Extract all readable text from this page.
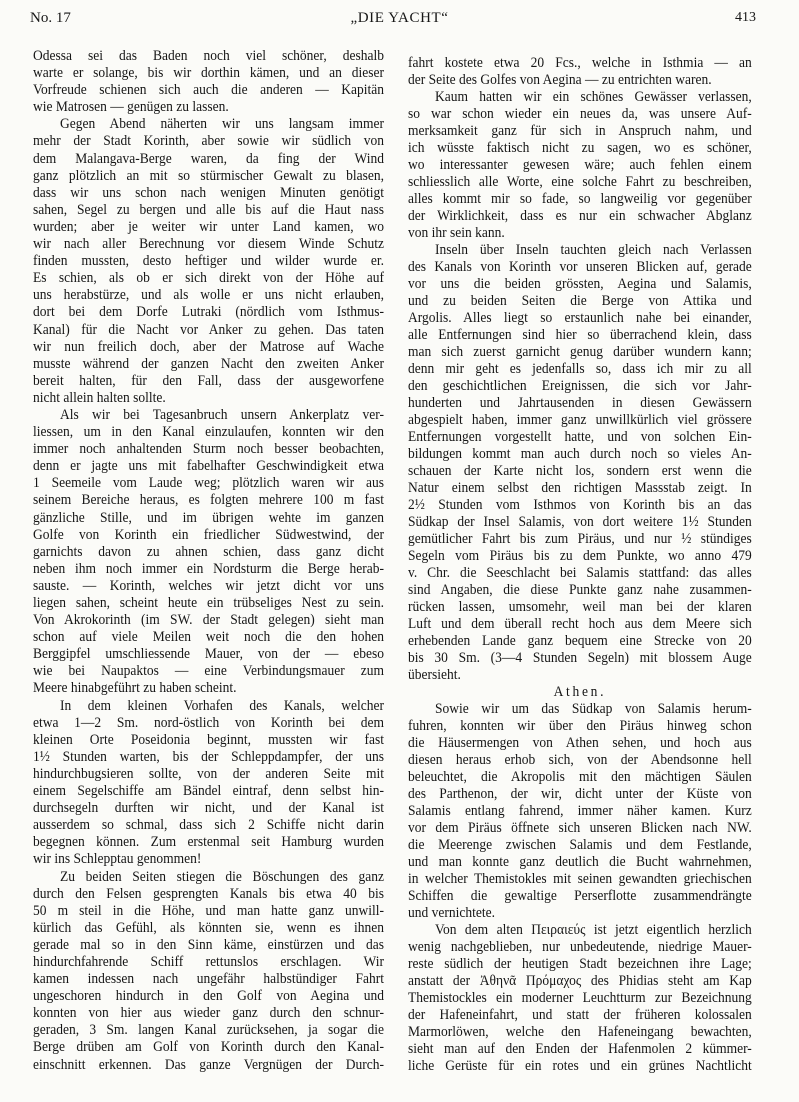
No. 17	„DIE YACHT“	413
Odessa sei das Baden noch viel schöner, deshalb
warte er solange, bis wir dorthin kämen, und an dieser
Vorfreude schienen sich auch die anderen — Kapitän
wie Matrosen — genügen zu lassen.
Gegen Abend näherten wir uns langsam immer
mehr der Stadt Korinth, aber sowie wir südlich von
dem Malangava-Berge waren, da fing der Wind
ganz plötzlich an mit so stürmischer Gewalt zu blasen,
dass wir uns schon nach wenigen Minuten genötigt
sahen, Segel zu bergen und alle bis auf die Haut nass
wurden; aber je weiter wir unter Land kamen, wo
wir nach aller Berechnung vor diesem Winde Schutz
finden mussten, desto heftiger und wilder wurde er.
Es schien, als ob er sich direkt von der Höhe auf
uns herabstürze, und als wolle er uns nicht erlauben,
dort bei dem Dorfe Lutraki (nördlich vom Isthmus-
Kanal) für die Nacht vor Anker zu gehen. Das taten
wir nun freilich doch, aber der Matrose auf Wache
musste während der ganzen Nacht den zweiten Anker
bereit halten, für den Fall, dass der ausgeworfene
nicht allein halten sollte.
Als wir bei Tagesanbruch unsern Ankerplatz ver-
liessen, um in den Kanal einzulaufen, konnten wir den
immer noch anhaltenden Sturm noch besser beobachten,
denn er jagte uns mit fabelhafter Geschwindigkeit etwa
1 Seemeile vom Laude weg; plötzlich waren wir aus
seinem Bereiche heraus, es folgten mehrere 100 m fast
gänzliche Stille, und im übrigen wehte im ganzen
Golfe von Korinth ein friedlicher Südwestwind, der
garnichts davon zu ahnen schien, dass ganz dicht
neben ihm noch immer ein Nordsturm die Berge herab-
sauste. — Korinth, welches wir jetzt dicht vor uns
liegen sahen, scheint heute ein trübseliges Nest zu sein.
Von Akrokorinth (im SW. der Stadt gelegen) sieht man
schon auf viele Meilen weit noch die den hohen
Berggipfel umschliessende Mauer, von der — ebeso
wie bei Naupaktos — eine Verbindungsmauer zum
Meere hinabgeführt zu haben scheint.
In dem kleinen Vorhafen des Kanals, welcher
etwa 1—2 Sm. nord-östlich von Korinth bei dem
kleinen Orte Poseidonia beginnt, mussten wir fast
1½ Stunden warten, bis der Schleppdampfer, der uns
hindurchbugsieren sollte, von der anderen Seite mit
einem Segelschiffe am Bändel eintraf, denn selbst hin-
durchsegeln durften wir nicht, und der Kanal ist
ausserdem so schmal, dass sich 2 Schiffe nicht darin
begegnen können. Zum erstenmal seit Hamburg wurden
wir ins Schlepptau genommen!
Zu beiden Seiten stiegen die Böschungen des ganz
durch den Felsen gesprengten Kanals bis etwa 40 bis
50 m steil in die Höhe, und man hatte ganz unwill-
kürlich das Gefühl, als könnten sie, wenn es ihnen
gerade mal so in den Sinn käme, einstürzen und das
hindurchfahrende Schiff rettunslos erschlagen. Wir
kamen indessen nach ungefähr halbstündiger Fahrt
ungeschoren hindurch in den Golf von Aegina und
konnten von hier aus wieder ganz durch den schnur-
geraden, 3 Sm. langen Kanal zurücksehen, ja sogar die
Berge drüben am Golf von Korinth durch den Kanal-
einschnitt erkennen. Das ganze Vergnügen der Durch-
fahrt kostete etwa 20 Fcs., welche in Isthmia — an
der Seite des Golfes von Aegina — zu entrichten waren.
Kaum hatten wir ein schönes Gewässer verlassen,
so war schon wieder ein neues da, was unsere Auf-
merksamkeit ganz für sich in Anspruch nahm, und
ich wüsste faktisch nicht zu sagen, wo es schöner,
wo interessanter gewesen wäre; auch fehlen einem
schliesslich alle Worte, eine solche Fahrt zu beschreiben,
alles kommt mir so fade, so langweilig vor gegenüber
der Wirklichkeit, dass es nur ein schwacher Abglanz
von ihr sein kann.
Inseln über Inseln tauchten gleich nach Verlassen
des Kanals von Korinth vor unseren Blicken auf, gerade
vor uns die beiden grössten, Aegina und Salamis,
und zu beiden Seiten die Berge von Attika und
Argolis. Alles liegt so erstaunlich nahe bei einander,
alle Entfernungen sind hier so überrachend klein, dass
man sich zuerst garnicht genug darüber wundern kann;
denn mir geht es jedenfalls so, dass ich mir zu all
den geschichtlichen Ereignissen, die sich vor Jahr-
hunderten und Jahrtausenden in diesen Gewässern
abgespielt haben, immer ganz unwillkürlich viel grössere
Entfernungen vorgestellt hatte, und von solchen Ein-
bildungen kommt man auch durch noch so vieles An-
schauen der Karte nicht los, sondern erst wenn die
Natur einem selbst den richtigen Massstab zeigt. In
2½ Stunden vom Isthmos von Korinth bis an das
Südkap der Insel Salamis, von dort weitere 1½ Stunden
gemütlicher Fahrt bis zum Piräus, und nur ½ stündiges
Segeln vom Piräus bis zu dem Punkte, wo anno 479
v. Chr. die Seeschlacht bei Salamis stattfand: das alles
sind Angaben, die diese Punkte ganz nahe zusammen-
rücken lassen, umsomehr, weil man bei der klaren
Luft und dem überall recht hoch aus dem Meere sich
erhebenden Lande ganz bequem eine Strecke von 20
bis 30 Sm. (3—4 Stunden Segeln) mit blossem Auge
übersieht.
Athen.
Sowie wir um das Südkap von Salamis herum-
fuhren, konnten wir über den Piräus hinweg schon
die Häusermengen von Athen sehen, und hoch aus
diesen heraus erhob sich, von der Abendsonne hell
beleuchtet, die Akropolis mit den mächtigen Säulen
des Parthenon, der wir, dicht unter der Küste von
Salamis entlang fahrend, immer näher kamen. Kurz
vor dem Piräus öffnete sich unseren Blicken nach NW.
die Meerenge zwischen Salamis und dem Festlande,
und man konnte ganz deutlich die Bucht wahrnehmen,
in welcher Themistokles mit seinen gewandten griechischen
Schiffen die gewaltige Perserflotte zusammendrängte
und vernichtete.
Von dem alten Πειραιεύς ist jetzt eigentlich herzlich
wenig nachgeblieben, nur unbedeutende, niedrige Mauer-
reste südlich der heutigen Stadt bezeichnen ihre Lage;
anstatt der Ἀθηνᾶ Πρόμαχος des Phidias steht am Kap
Themistockles ein moderner Leuchtturm zur Bezeichnung
der Hafeneinfahrt, und statt der früheren kolossalen
Marmorlöwen, welche den Hafeneingang bewachten,
sieht man auf den Enden der Hafenmolen 2 kümmer-
liche Gerüste für ein rotes und ein grünes Nachtlicht
